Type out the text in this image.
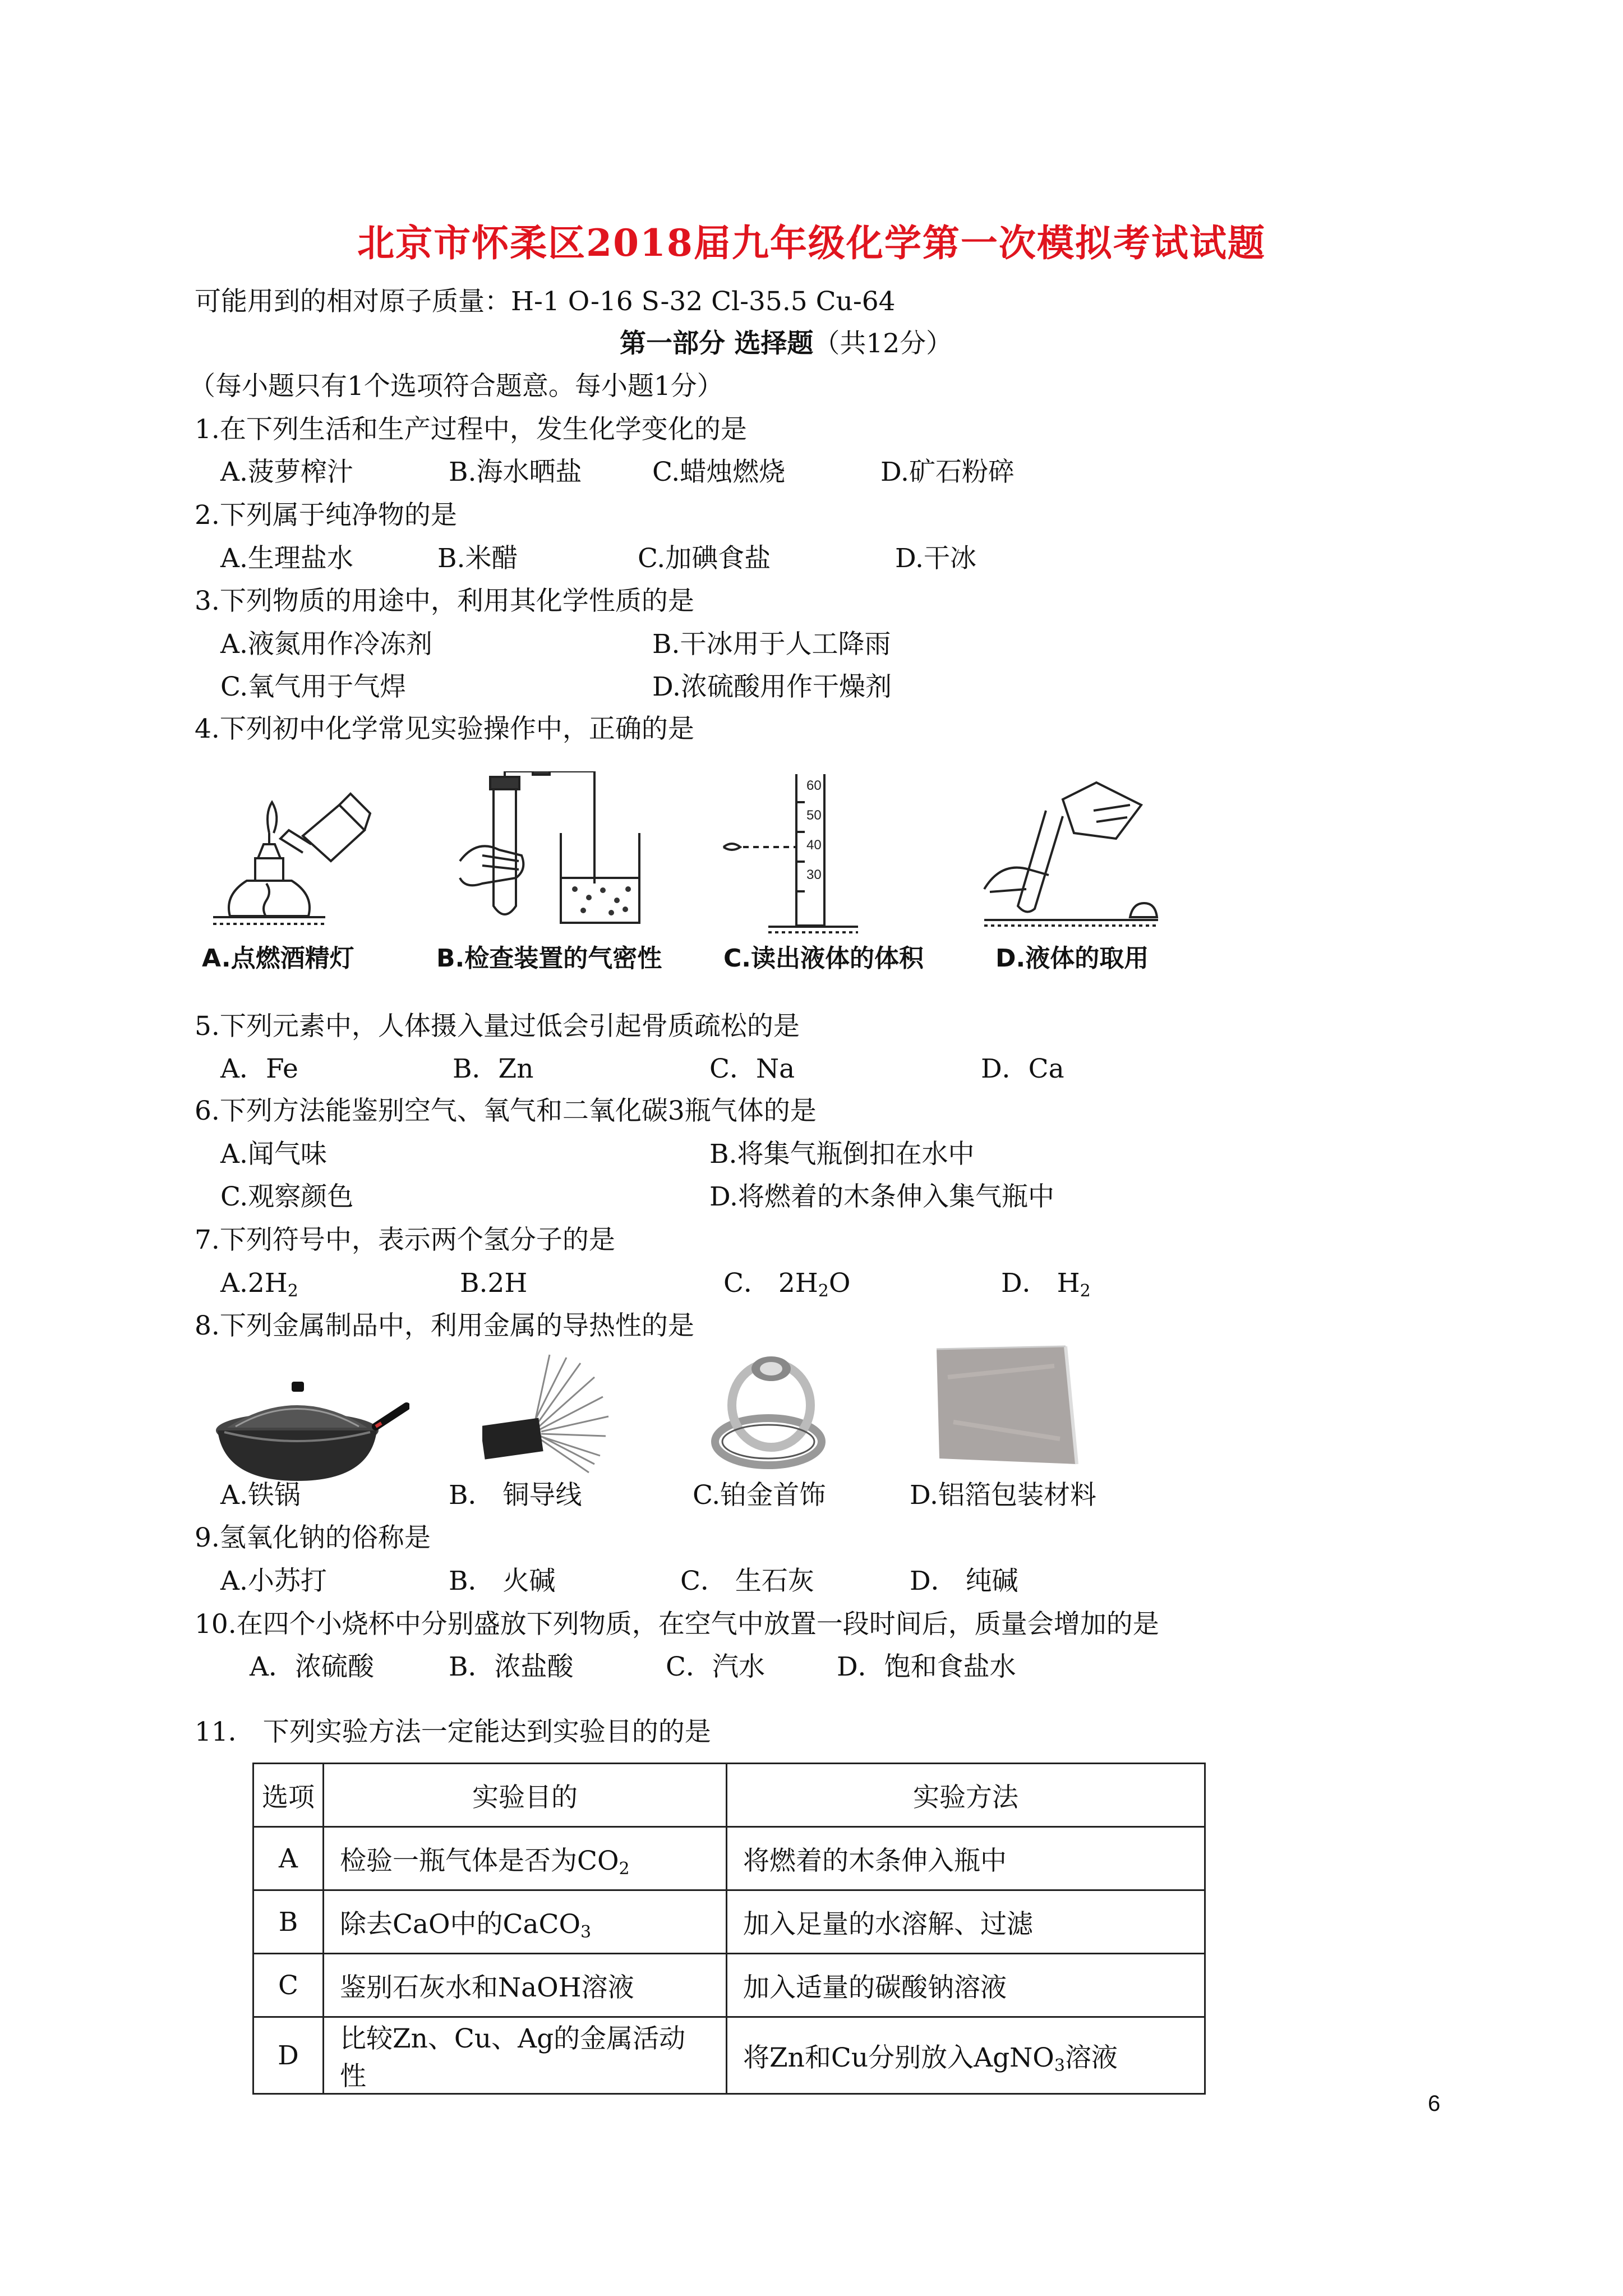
北京市怀柔区2018届九年级化学第一次模拟考试试题
可能用到的相对原子质量：H-1 O-16 S-32 Cl-35.5 Cu-64
第一部分 选择题（共12分）
（每小题只有1个选项符合题意。每小题1分）
1.在下列生活和生产过程中，发生化学变化的是
A.菠萝榨汁	B.海水晒盐	C.蜡烛燃烧	D.矿石粉碎
2.下列属于纯净物的是
A.生理盐水	B.米醋	C.加碘食盐	D.干冰
3.下列物质的用途中，利用其化学性质的是
A.液氮用作冷冻剂	B.干冰用于人工降雨
C.氧气用于气焊	D.浓硫酸用作干燥剂
4.下列初中化学常见实验操作中，正确的是
A.点燃酒精灯	B.检查装置的气密性
60
50
40
30
C.读出液体的体积	D.液体的取用
5.下列元素中，人体摄入量过低会引起骨质疏松的是
A．Fe	B．Zn	C．Na	D．Ca
6.下列方法能鉴别空气、氧气和二氧化碳3瓶气体的是
A.闻气味	B.将集气瓶倒扣在水中
C.观察颜色	D.将燃着的木条伸入集气瓶中
7.下列符号中，表示两个氢分子的是
$A.2H_2$	B.2H	C． $2H_2O$	D． $H_2$
8.下列金属制品中，利用金属的导热性的是
A.铁锅	B． 铜导线	C.铂金首饰	D.铝箔包装材料
9.氢氧化钠的俗称是
A.小苏打	B． 火碱	C． 生石灰	D． 纯碱
10.在四个小烧杯中分别盛放下列物质，在空气中放置一段时间后，质量会增加的是
A．浓硫酸	B．浓盐酸	C．汽水	D．饱和食盐水
11． 下列实验方法一定能达到实验目的的是
选项	实验目的	实验方法
A	检验一瓶气体是否为$CO_2$	将燃着的木条伸入瓶中
B	除去CaO中的CaCO$_3$	加入足量的水溶解、过滤
C	鉴别石灰水和NaOH溶液	加入适量的碳酸钠溶液
D	比较Zn、Cu、Ag的金属活动性	将Zn和Cu分别放入AgNO$_3$溶液
6
